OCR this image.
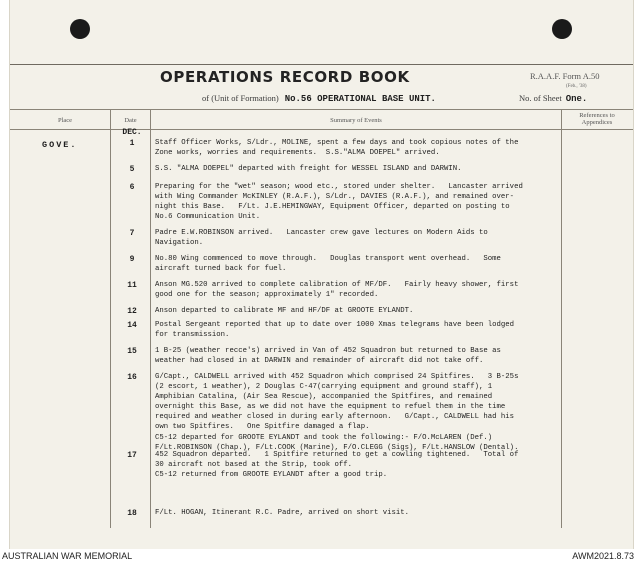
OPERATIONS RECORD BOOK	R.A.A.F. Form A.50
(Feb., '38)
of (Unit of Formation) No.56 OPERATIONAL BASE UNIT.	No. of Sheet One.
Place	Date	Summary of Events
References to Appendices
GOVE.
DEC.
1	Staff Officer Works, S/Ldr., MOLINE, spent a few days and took copious notes of the
Zone works, worries and requirements.  S.S."ALMA DOEPEL" arrived.
5	S.S. "ALMA DOEPEL" departed with freight for WESSEL ISLAND and DARWIN.
6	Preparing for the "wet" season; wood etc., stored under shelter.   Lancaster arrived
with Wing Commander McKINLEY (R.A.F.), S/Ldr., DAVIES (R.A.F.), and remained over-
night this Base.   F/Lt. J.E.HEMINGWAY, Equipment Officer, departed on posting to
No.6 Communication Unit.
7	Padre E.W.ROBINSON arrived.   Lancaster crew gave lectures on Modern Aids to
Navigation.
9	No.80 Wing commenced to move through.   Douglas transport went overhead.   Some
aircraft turned back for fuel.
11	Anson MG.520 arrived to complete calibration of MF/DF.   Fairly heavy shower, first
good one for the season; approximately 1" recorded.
12	Anson departed to calibrate MF and HF/DF at GROOTE EYLANDT.
14	Postal Sergeant reported that up to date over 1000 Xmas telegrams have been lodged
for transmission.
15	1 B-25 (weather recce's) arrived in Van of 452 Squadron but returned to Base as
weather had closed in at DARWIN and remainder of aircraft did not take off.
16	G/Capt., CALDWELL arrived with 452 Squadron which comprised 24 Spitfires.   3 B-25s
(2 escort, 1 weather), 2 Douglas C-47(carrying equipment and ground staff), 1
Amphibian Catalina, (Air Sea Rescue), accompanied the Spitfires, and remained
overnight this Base, as we did not have the equipment to refuel them in the time
required and weather closed in during early afternoon.   G/Capt., CALDWELL had his
own two Spitfires.   One Spitfire damaged a flap.
C5-12 departed for GROOTE EYLANDT and took the following:- F/O.McLAREN (Def.)
F/Lt.ROBINSON (Chap.), F/Lt.COOK (Marine), F/O.CLEGG (Sigs), F/Lt.HANSLOW (Dental).
17	452 Squadron departed.   1 Spitfire returned to get a cowling tightened.   Total of
30 aircraft not based at the Strip, took off.
C5-12 returned from GROOTE EYLANDT after a good trip.
18	F/Lt. HOGAN, Itinerant R.C. Padre, arrived on short visit.
AUSTRALIAN WAR MEMORIAL	AWM2021.8.73
